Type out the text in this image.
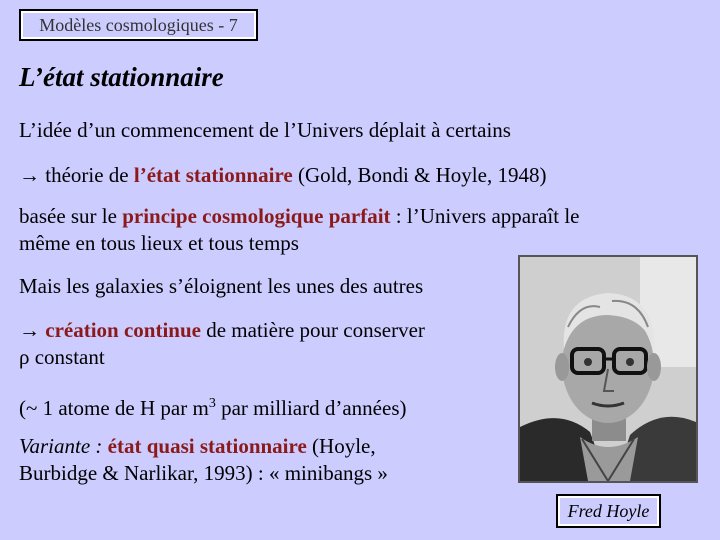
Modèles cosmologiques - 7
L’état stationnaire
L’idée d’un commencement de l’Univers déplait à certains
→ théorie de l’état stationnaire (Gold, Bondi & Hoyle, 1948)
basée sur le principe cosmologique parfait : l’Univers apparaît le
même en tous lieux et tous temps
Mais les galaxies s’éloignent les unes des autres
→ création continue de matière pour conserver
ρ constant
(~ 1 atome de H par $m^3$ par milliard d’années)
Variante : état quasi stationnaire (Hoyle,
Burbidge & Narlikar, 1993) : « minibangs »
Fred Hoyle
